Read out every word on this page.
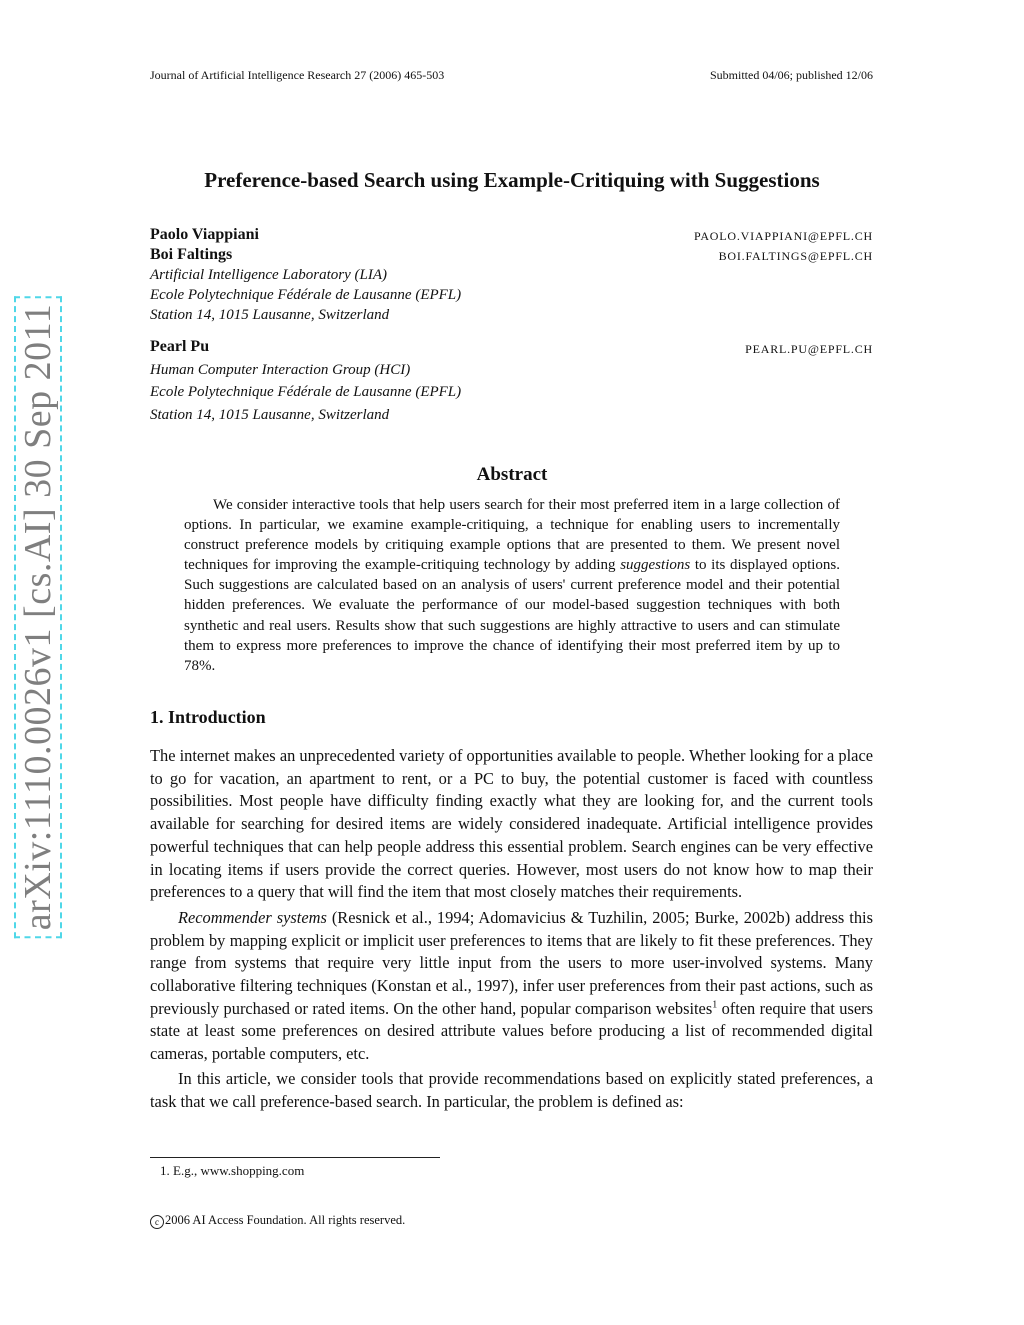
Journal of Artificial Intelligence Research 27 (2006) 465-503	Submitted 04/06; published 12/06
Preference-based Search using Example-Critiquing with Suggestions
Paolo Viappiani	PAOLO.VIAPPIANI@EPFL.CH
Boi Faltings	BOI.FALTINGS@EPFL.CH
Artificial Intelligence Laboratory (LIA)
Ecole Polytechnique Fédérale de Lausanne (EPFL)
Station 14, 1015 Lausanne, Switzerland
Pearl Pu	PEARL.PU@EPFL.CH
Human Computer Interaction Group (HCI)
Ecole Polytechnique Fédérale de Lausanne (EPFL)
Station 14, 1015 Lausanne, Switzerland
Abstract

We consider interactive tools that help users search for their most preferred item in a large collection of options. In particular, we examine example-critiquing, a technique for enabling users to incrementally construct preference models by critiquing example options that are presented to them. We present novel techniques for improving the example-critiquing technology by adding suggestions to its displayed options. Such suggestions are calculated based on an analysis of users' current preference model and their potential hidden preferences. We evaluate the performance of our model-based suggestion techniques with both synthetic and real users. Results show that such suggestions are highly attractive to users and can stimulate them to express more preferences to improve the chance of identifying their most preferred item by up to 78%.

1. Introduction

The internet makes an unprecedented variety of opportunities available to people. Whether looking for a place to go for vacation, an apartment to rent, or a PC to buy, the potential customer is faced with countless possibilities. Most people have difficulty finding exactly what they are looking for, and the current tools available for searching for desired items are widely considered inadequate. Artificial intelligence provides powerful techniques that can help people address this essential problem. Search engines can be very effective in locating items if users provide the correct queries. However, most users do not know how to map their preferences to a query that will find the item that most closely matches their requirements.

Recommender systems (Resnick et al., 1994; Adomavicius & Tuzhilin, 2005; Burke, 2002b) address this problem by mapping explicit or implicit user preferences to items that are likely to fit these preferences. They range from systems that require very little input from the users to more user-involved systems. Many collaborative filtering techniques (Konstan et al., 1997), infer user preferences from their past actions, such as previously purchased or rated items. On the other hand, popular comparison websites$^1$ often require that users state at least some preferences on desired attribute values before producing a list of recommended digital cameras, portable computers, etc.

In this article, we consider tools that provide recommendations based on explicitly stated preferences, a task that we call preference-based search. In particular, the problem is defined as:

1. E.g., www.shopping.com
c 2006 AI Access Foundation. All rights reserved.
arXiv:1110.0026v1 [cs.AI] 30 Sep 2011
